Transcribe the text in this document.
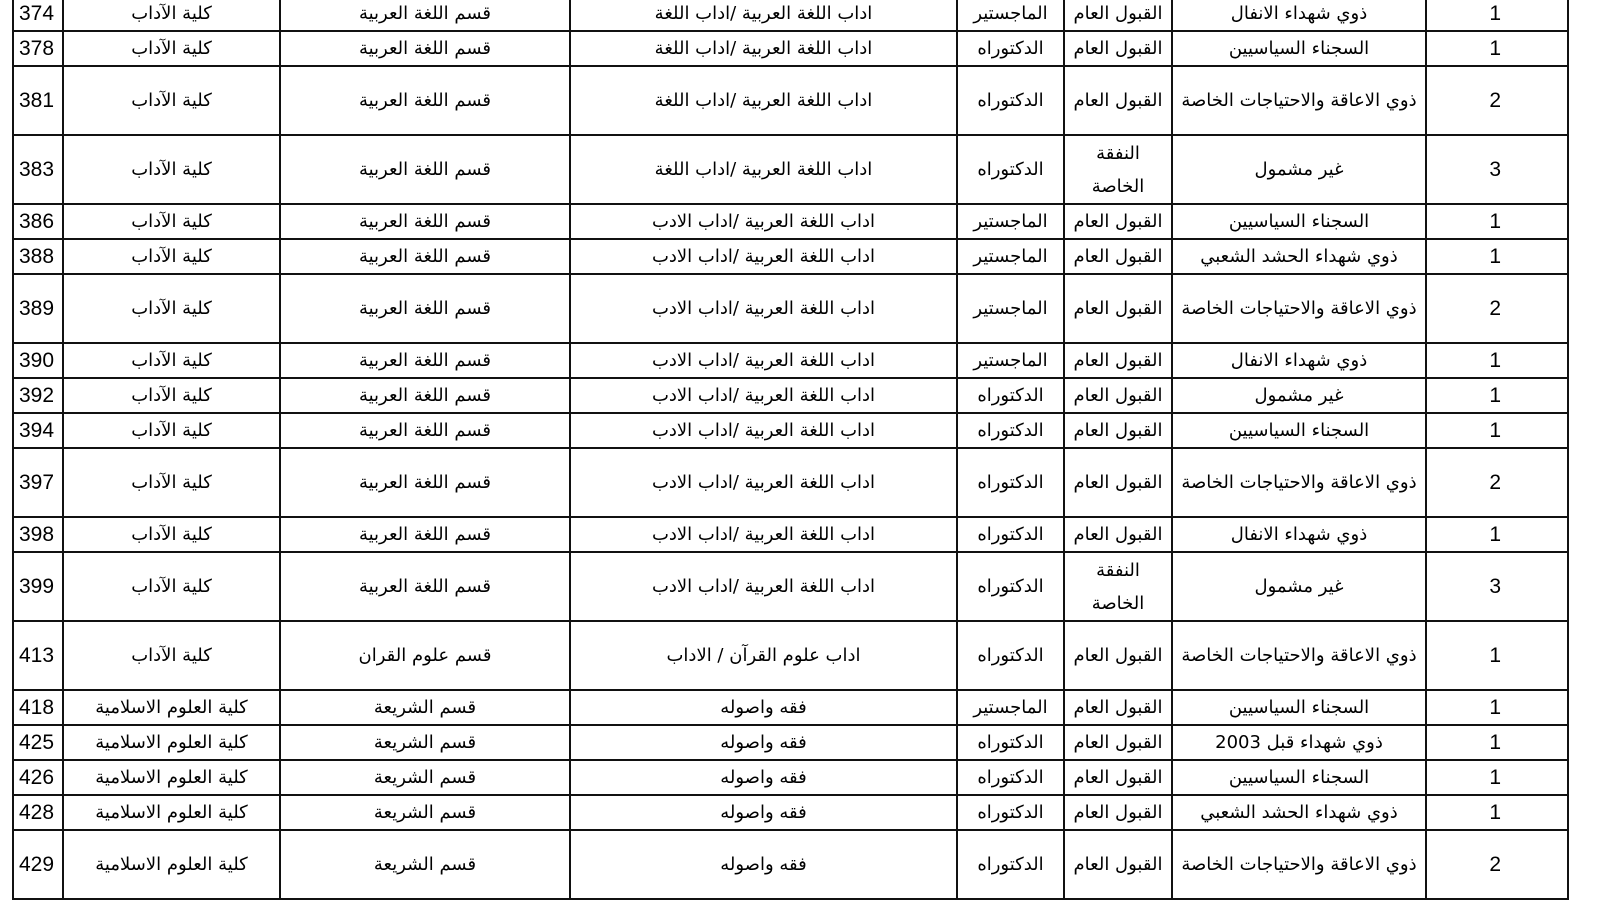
374	كلية الآداب	قسم اللغة العربية	اداب اللغة العربية /اداب اللغة	الماجستير	القبول العام	ذوي شهداء الانفال	1
378	كلية الآداب	قسم اللغة العربية	اداب اللغة العربية /اداب اللغة	الدكتوراه	القبول العام	السجناء السياسيين	1
381	كلية الآداب	قسم اللغة العربية	اداب اللغة العربية /اداب اللغة	الدكتوراه	القبول العام	ذوي الاعاقة والاحتياجات الخاصة	2
383	كلية الآداب	قسم اللغة العربية	اداب اللغة العربية /اداب اللغة	الدكتوراه	النفقة الخاصة	غير مشمول	3
386	كلية الآداب	قسم اللغة العربية	اداب اللغة العربية /اداب الادب	الماجستير	القبول العام	السجناء السياسيين	1
388	كلية الآداب	قسم اللغة العربية	اداب اللغة العربية /اداب الادب	الماجستير	القبول العام	ذوي شهداء الحشد الشعبي	1
389	كلية الآداب	قسم اللغة العربية	اداب اللغة العربية /اداب الادب	الماجستير	القبول العام	ذوي الاعاقة والاحتياجات الخاصة	2
390	كلية الآداب	قسم اللغة العربية	اداب اللغة العربية /اداب الادب	الماجستير	القبول العام	ذوي شهداء الانفال	1
392	كلية الآداب	قسم اللغة العربية	اداب اللغة العربية /اداب الادب	الدكتوراه	القبول العام	غير مشمول	1
394	كلية الآداب	قسم اللغة العربية	اداب اللغة العربية /اداب الادب	الدكتوراه	القبول العام	السجناء السياسيين	1
397	كلية الآداب	قسم اللغة العربية	اداب اللغة العربية /اداب الادب	الدكتوراه	القبول العام	ذوي الاعاقة والاحتياجات الخاصة	2
398	كلية الآداب	قسم اللغة العربية	اداب اللغة العربية /اداب الادب	الدكتوراه	القبول العام	ذوي شهداء الانفال	1
399	كلية الآداب	قسم اللغة العربية	اداب اللغة العربية /اداب الادب	الدكتوراه	النفقة الخاصة	غير مشمول	3
413	كلية الآداب	قسم علوم القران	اداب علوم القرآن / الاداب	الدكتوراه	القبول العام	ذوي الاعاقة والاحتياجات الخاصة	1
418	كلية العلوم الاسلامية	قسم الشريعة	فقه واصوله	الماجستير	القبول العام	السجناء السياسيين	1
425	كلية العلوم الاسلامية	قسم الشريعة	فقه واصوله	الدكتوراه	القبول العام	ذوي شهداء قبل 2003	1
426	كلية العلوم الاسلامية	قسم الشريعة	فقه واصوله	الدكتوراه	القبول العام	السجناء السياسيين	1
428	كلية العلوم الاسلامية	قسم الشريعة	فقه واصوله	الدكتوراه	القبول العام	ذوي شهداء الحشد الشعبي	1
429	كلية العلوم الاسلامية	قسم الشريعة	فقه واصوله	الدكتوراه	القبول العام	ذوي الاعاقة والاحتياجات الخاصة	2
